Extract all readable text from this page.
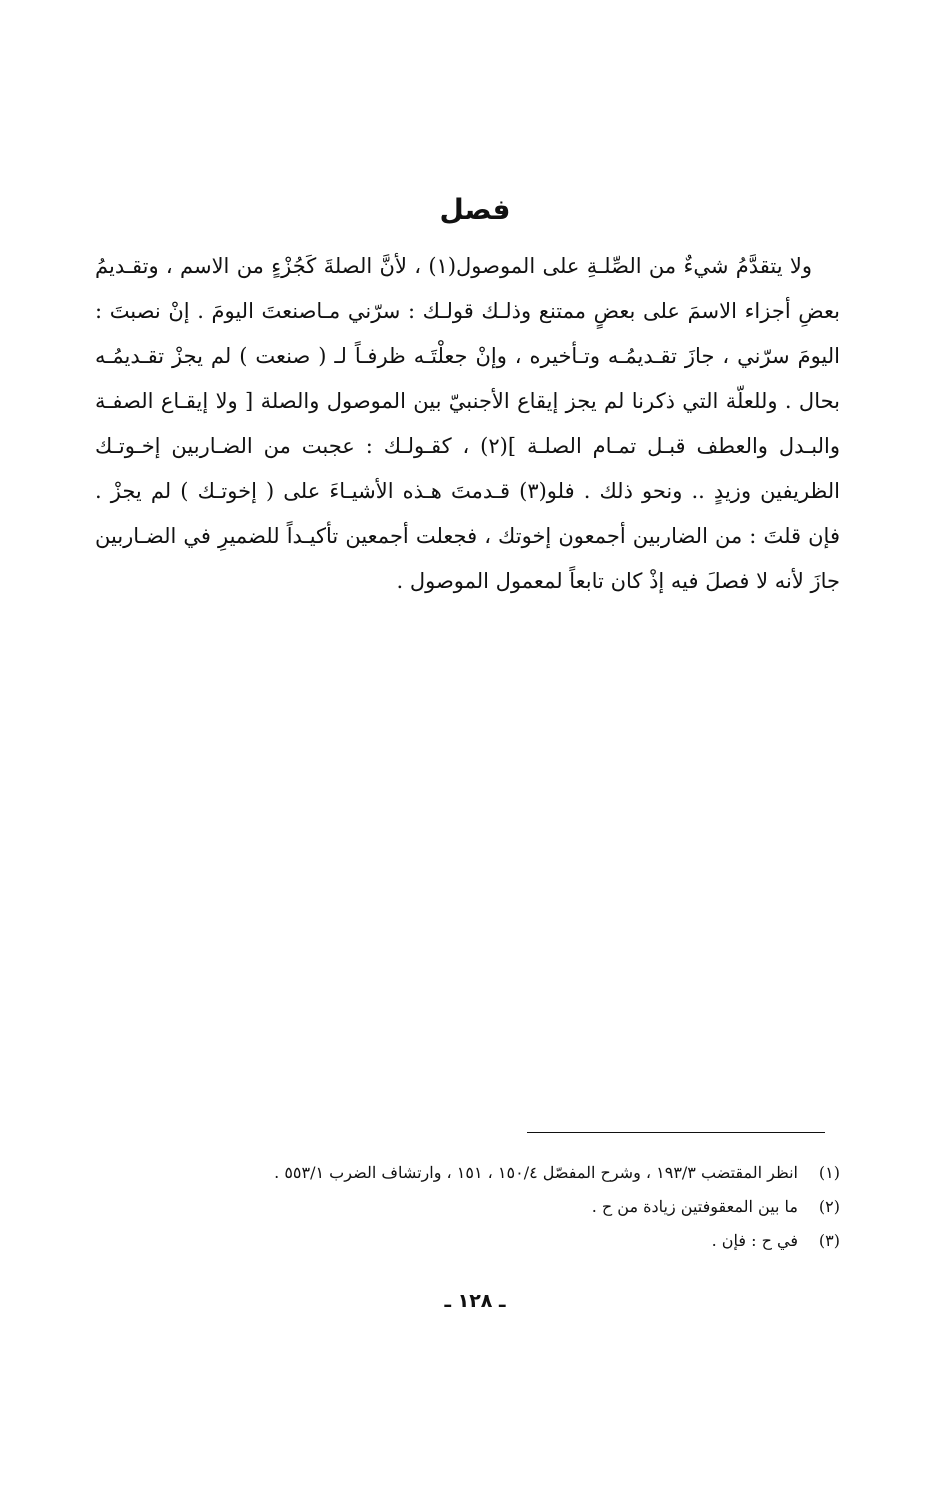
فصل
ولا يتقدَّمُ شيءٌ من الصِّلـةِ على الموصول(١) ، لأنَّ الصلةَ كَجُزْءٍ من الاسم ، وتقـديمُ
بعضِ أجزاء الاسمَ على بعضٍ ممتنع وذلـك قولـك : سرّني مـاصنعتَ اليومَ . إنْ نصبتَ :
اليومَ سرّني ، جازَ تقـديمُـه وتـأخيره ، وإنْ جعلْتَـه ظرفـاً لـ ( صنعت ) لم يجزْ تقـديمُـه
بحال . وللعلّة التي ذكرنا لم يجز إيقاع الأجنبيّ بين الموصول والصلة [ ولا إيقـاع الصفـة
والبـدل والعطف قبـل تمـام الصلـة ](٢) ، كقـولـك : عجبت من الضـاربين إخـوتـك
الظريفين وزيدٍ .. ونحو ذلك . فلو(٣) قـدمتَ هـذه الأشيـاءَ على ( إخوتـك ) لم يجزْ .
فإن قلتَ : من الضاربين أجمعون إخوتك ، فجعلت أجمعين تأكيـداً للضميرِ في الضـاربين
جازَ لأنه لا فصلَ فيه إذْ كان تابعاً لمعمول الموصول .
(١)
انظر المقتضب ١٩٣/٣ ، وشرح المفصّل ١٥٠/٤ ، ١٥١ ، وارتشاف الضرب ٥٥٣/١ .
(٢)
ما بين المعقوفتين زيادة من ح .
(٣)
في ح : فإن .
ـ ١٢٨ ـ
